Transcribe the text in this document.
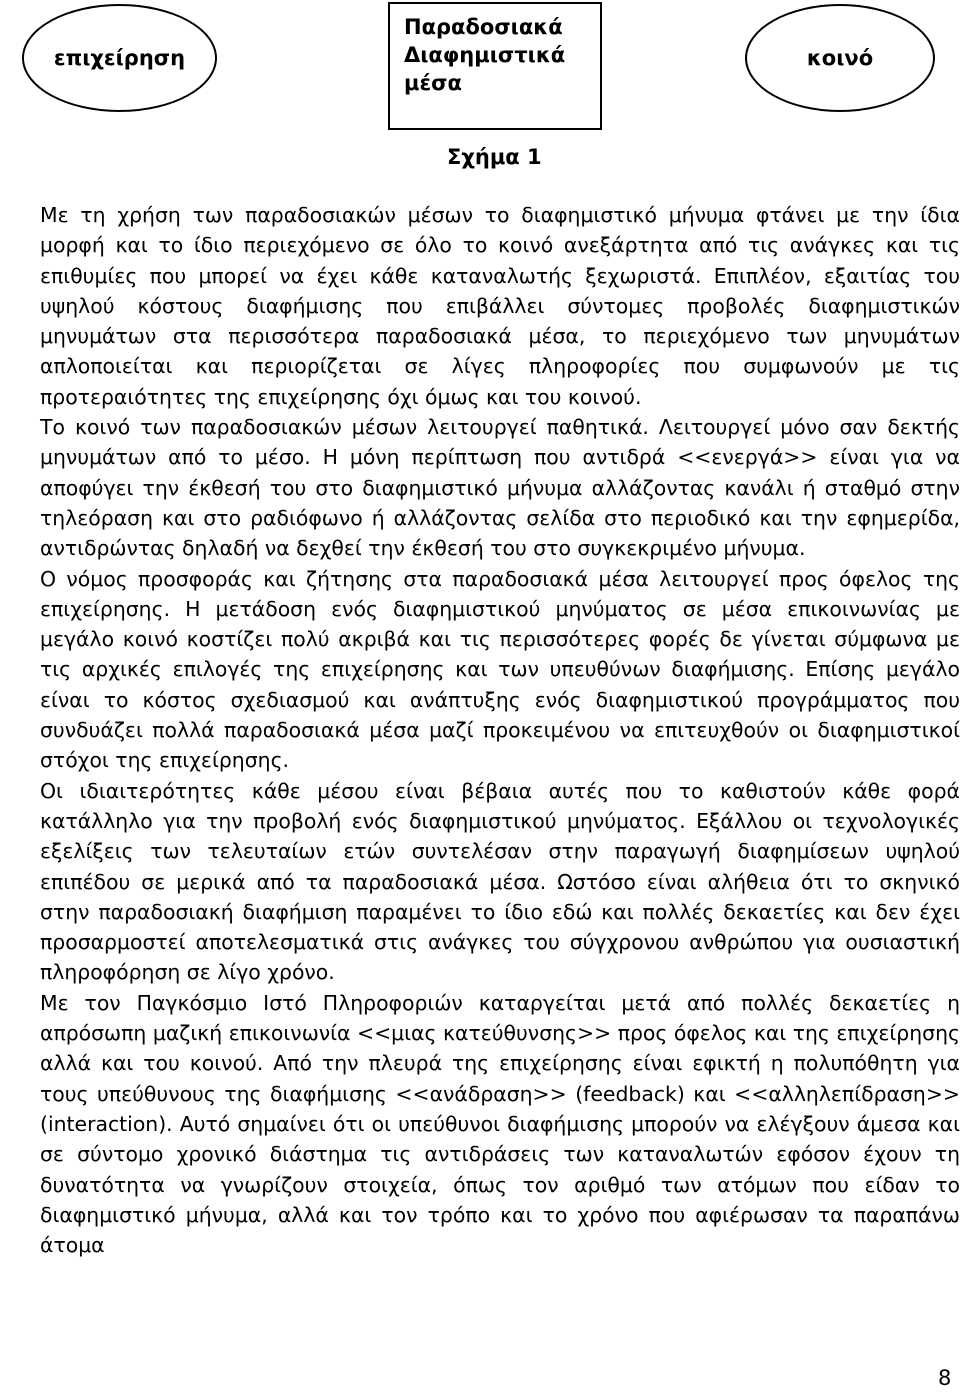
επιχείρηση
Παραδοσιακά Διαφημιστικά μέσα
κοινό
Σχήμα 1

Με τη χρήση των παραδοσιακών μέσων το διαφημιστικό μήνυμα φτάνει με την ίδια μορφή και το ίδιο περιεχόμενο σε όλο το κοινό ανεξάρτητα από τις ανάγκες και τις επιθυμίες που μπορεί να έχει κάθε καταναλωτής ξεχωριστά. Επιπλέον, εξαιτίας του υψηλού κόστους διαφήμισης που επιβάλλει σύντομες προβολές διαφημιστικών μηνυμάτων στα περισσότερα παραδοσιακά μέσα, το περιεχόμενο των μηνυμάτων απλοποιείται και περιορίζεται σε λίγες πληροφορίες που συμφωνούν με τις προτεραιότητες της επιχείρησης όχι όμως και του κοινού.

Το κοινό των παραδοσιακών μέσων λειτουργεί παθητικά. Λειτουργεί μόνο σαν δεκτής μηνυμάτων από το μέσο. Η μόνη περίπτωση που αντιδρά <<ενεργά>> είναι για να αποφύγει την έκθεσή του στο διαφημιστικό μήνυμα αλλάζοντας κανάλι ή σταθμό στην τηλεόραση και στο ραδιόφωνο ή αλλάζοντας σελίδα στο περιοδικό και την εφημερίδα, αντιδρώντας δηλαδή να δεχθεί την έκθεσή του στο συγκεκριμένο μήνυμα.

Ο νόμος προσφοράς και ζήτησης στα παραδοσιακά μέσα λειτουργεί προς όφελος της επιχείρησης. Η μετάδοση ενός διαφημιστικού μηνύματος σε μέσα επικοινωνίας με μεγάλο κοινό κοστίζει πολύ ακριβά και τις περισσότερες φορές δε γίνεται σύμφωνα με τις αρχικές επιλογές της επιχείρησης και των υπευθύνων διαφήμισης. Επίσης μεγάλο είναι το κόστος σχεδιασμού και ανάπτυξης ενός διαφημιστικού προγράμματος που συνδυάζει πολλά παραδοσιακά μέσα μαζί προκειμένου να επιτευχθούν οι διαφημιστικοί στόχοι της επιχείρησης.

Οι ιδιαιτερότητες κάθε μέσου είναι βέβαια αυτές που το καθιστούν κάθε φορά κατάλληλο για την προβολή ενός διαφημιστικού μηνύματος. Εξάλλου οι τεχνολογικές εξελίξεις των τελευταίων ετών συντελέσαν στην παραγωγή διαφημίσεων υψηλού επιπέδου σε μερικά από τα παραδοσιακά μέσα. Ωστόσο είναι αλήθεια ότι το σκηνικό στην παραδοσιακή διαφήμιση παραμένει το ίδιο εδώ και πολλές δεκαετίες και δεν έχει προσαρμοστεί αποτελεσματικά στις ανάγκες του σύγχρονου ανθρώπου για ουσιαστική πληροφόρηση σε λίγο χρόνο.

Με τον Παγκόσμιο Ιστό Πληροφοριών καταργείται μετά από πολλές δεκαετίες η απρόσωπη μαζική επικοινωνία <<μιας κατεύθυνσης>> προς όφελος και της επιχείρησης αλλά και του κοινού. Από την πλευρά της επιχείρησης είναι εφικτή η πολυπόθητη για τους υπεύθυνους της διαφήμισης <<ανάδραση>> (feedback) και <<αλληλεπίδραση>> (interaction). Αυτό σημαίνει ότι οι υπεύθυνοι διαφήμισης μπορούν να ελέγξουν άμεσα και σε σύντομο χρονικό διάστημα τις αντιδράσεις των καταναλωτών εφόσον έχουν τη δυνατότητα να γνωρίζουν στοιχεία, όπως τον αριθμό των ατόμων που είδαν το διαφημιστικό μήνυμα, αλλά και τον τρόπο και το χρόνο που αφιέρωσαν τα παραπάνω άτομα

8
